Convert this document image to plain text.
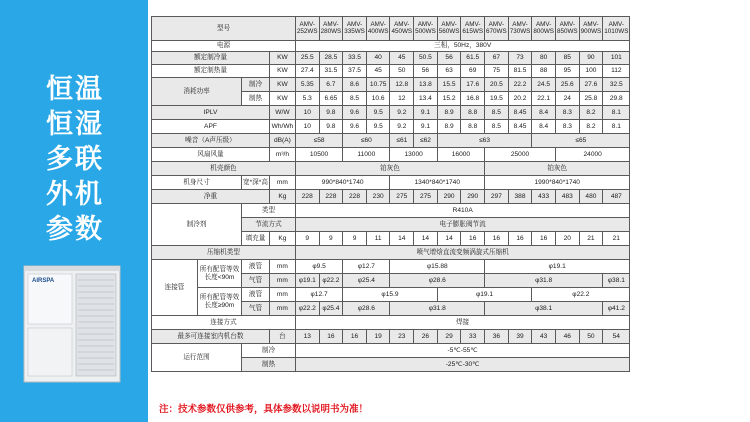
恒温恒湿多联外机参数
AIRSPA
型号				AMV-252WS	AMV-280WS	AMV-335WS	AMV-400WS	AMV-450WS	AMV-500WS	AMV-560WS	AMV-615WS	AMV-670WS	AMV-730WS	AMV-800WS	AMV-850WS	AMV-900WS	AMV-1010WS
电源				三相，50Hz，380V													
额定制冷量			KW	25.5	28.5	33.5	40	45	50.5	56	61.5	67	73	80	85	90	101
额定制热量			KW	27.4	31.5	37.5	45	50	56	63	69	75	81.5	88	95	100	112
消耗功率		制冷	KW	5.35	6.7	8.6	10.75	12.8	13.8	15.5	17.6	20.5	22.2	24.5	25.6	27.6	32.5
		制热	KW	5.3	6.65	8.5	10.6	12	13.4	15.2	16.8	19.5	20.2	22.1	24	25.8	29.8
IPLV			W/W	10	9.8	9.6	9.5	9.2	9.1	8.9	8.8	8.5	8.45	8.4	8.3	8.2	8.1
APF			Wh/Wh	10	9.8	9.6	9.5	9.2	9.1	8.9	8.8	8.5	8.45	8.4	8.3	8.2	8.1
噪音（A声压级）			dB(A)	≤58		≤60		≤61	≤62	≤63				≤65			
风扇风量			m³/h	10500		11000		13000		16000		25000			24000		
机壳颜色				铂灰色								铂灰色					
机身尺寸		宽*深*高	mm	990*840*1740				1340*840*1740				1990*840*1740					
净重			Kg	228	228	228	230	275	275	290	290	297	388	433	483	480	487
制冷剂		类型		R410A													
		节流方式		电子膨胀阀节流													
		填充量	Kg	9	9	9	11	14	14	14	16	16	16	16	20	21	21
压缩机类型				喷气增焓直流变频涡旋式压缩机													
连接管	所有配管等效长度<90m	液管	mm	φ9.5		φ12.7		φ15.88				φ19.1					
		气管	mm	φ19.1	φ22.2	φ25.4		φ28.6				φ31.8					φ38.1
	所有配管等效长度≥90m	液管	mm	φ12.7		φ15.9				φ19.1				φ22.2			
		气管	mm	φ22.2	φ25.4	φ28.6		φ31.8				φ38.1					φ41.2
连接方式				焊接													
最多可连接室内机台数			台	13	16	16	19	23	26	29	33	36	39	43	46	50	54
运行范围		制冷		-5℃-55℃													
		制热		-25℃-30℃													
注：技术参数仅供参考，具体参数以说明书为准！
